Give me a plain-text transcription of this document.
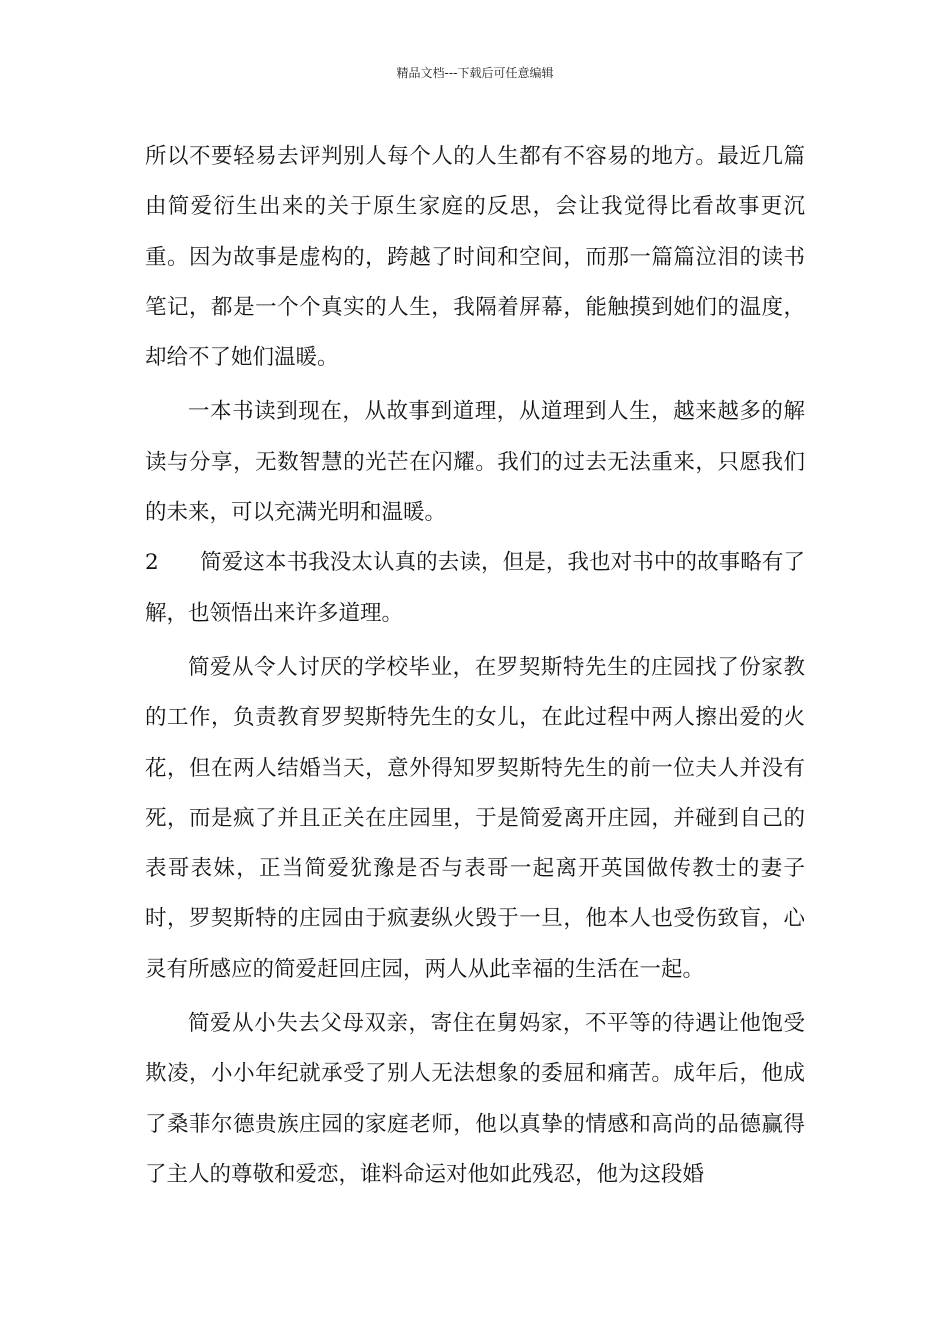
精品文档---下载后可任意编辑

所以不要轻易去评判别人每个人的人生都有不容易的地方。最近几篇由简爱衍生出来的关于原生家庭的反思，会让我觉得比看故事更沉重。因为故事是虚构的，跨越了时间和空间，而那一篇篇泣泪的读书笔记，都是一个个真实的人生，我隔着屏幕，能触摸到她们的温度，却给不了她们温暖。

一本书读到现在，从故事到道理，从道理到人生，越来越多的解读与分享，无数智慧的光芒在闪耀。我们的过去无法重来，只愿我们的未来，可以充满光明和温暖。

2 简爱这本书我没太认真的去读，但是，我也对书中的故事略有了解，也领悟出来许多道理。

简爱从令人讨厌的学校毕业，在罗契斯特先生的庄园找了份家教的工作，负责教育罗契斯特先生的女儿，在此过程中两人擦出爱的火花，但在两人结婚当天，意外得知罗契斯特先生的前一位夫人并没有死，而是疯了并且正关在庄园里，于是简爱离开庄园，并碰到自己的表哥表妹，正当简爱犹豫是否与表哥一起离开英国做传教士的妻子时，罗契斯特的庄园由于疯妻纵火毁于一旦，他本人也受伤致盲，心灵有所感应的简爱赶回庄园，两人从此幸福的生活在一起。

简爱从小失去父母双亲，寄住在舅妈家，不平等的待遇让他饱受欺凌，小小年纪就承受了别人无法想象的委屈和痛苦。成年后，他成了桑菲尔德贵族庄园的家庭老师，他以真挚的情感和高尚的品德赢得了主人的尊敬和爱恋，谁料命运对他如此残忍，他为这段婚
